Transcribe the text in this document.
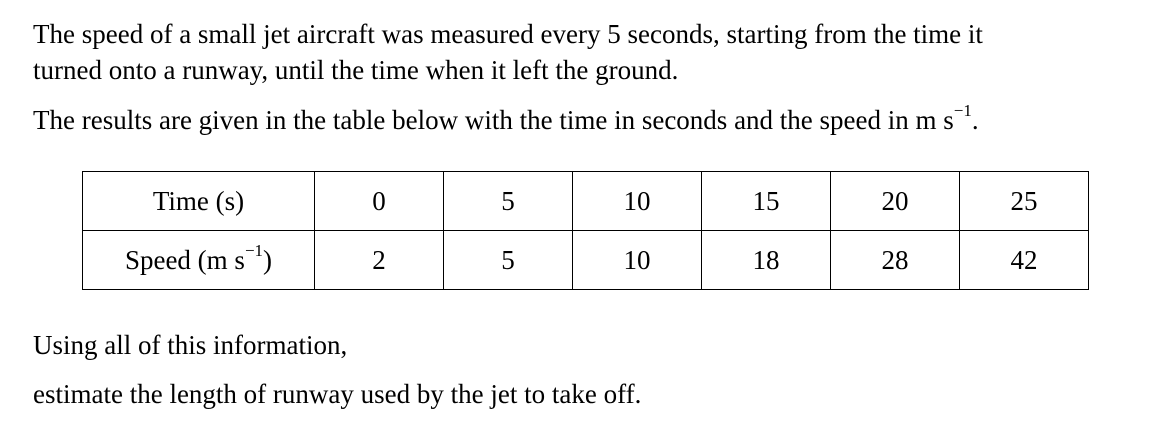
The speed of a small jet aircraft was measured every 5 seconds, starting from the time it

turned onto a runway, until the time when it left the ground.

The results are given in the table below with the time in seconds and the speed in m $s^{-1}$.

Time (s)	0	5	10	15	20	25
Speed (m $s^{-1}$)	2	5	10	18	28	42

Using all of this information,

estimate the length of runway used by the jet to take off.
